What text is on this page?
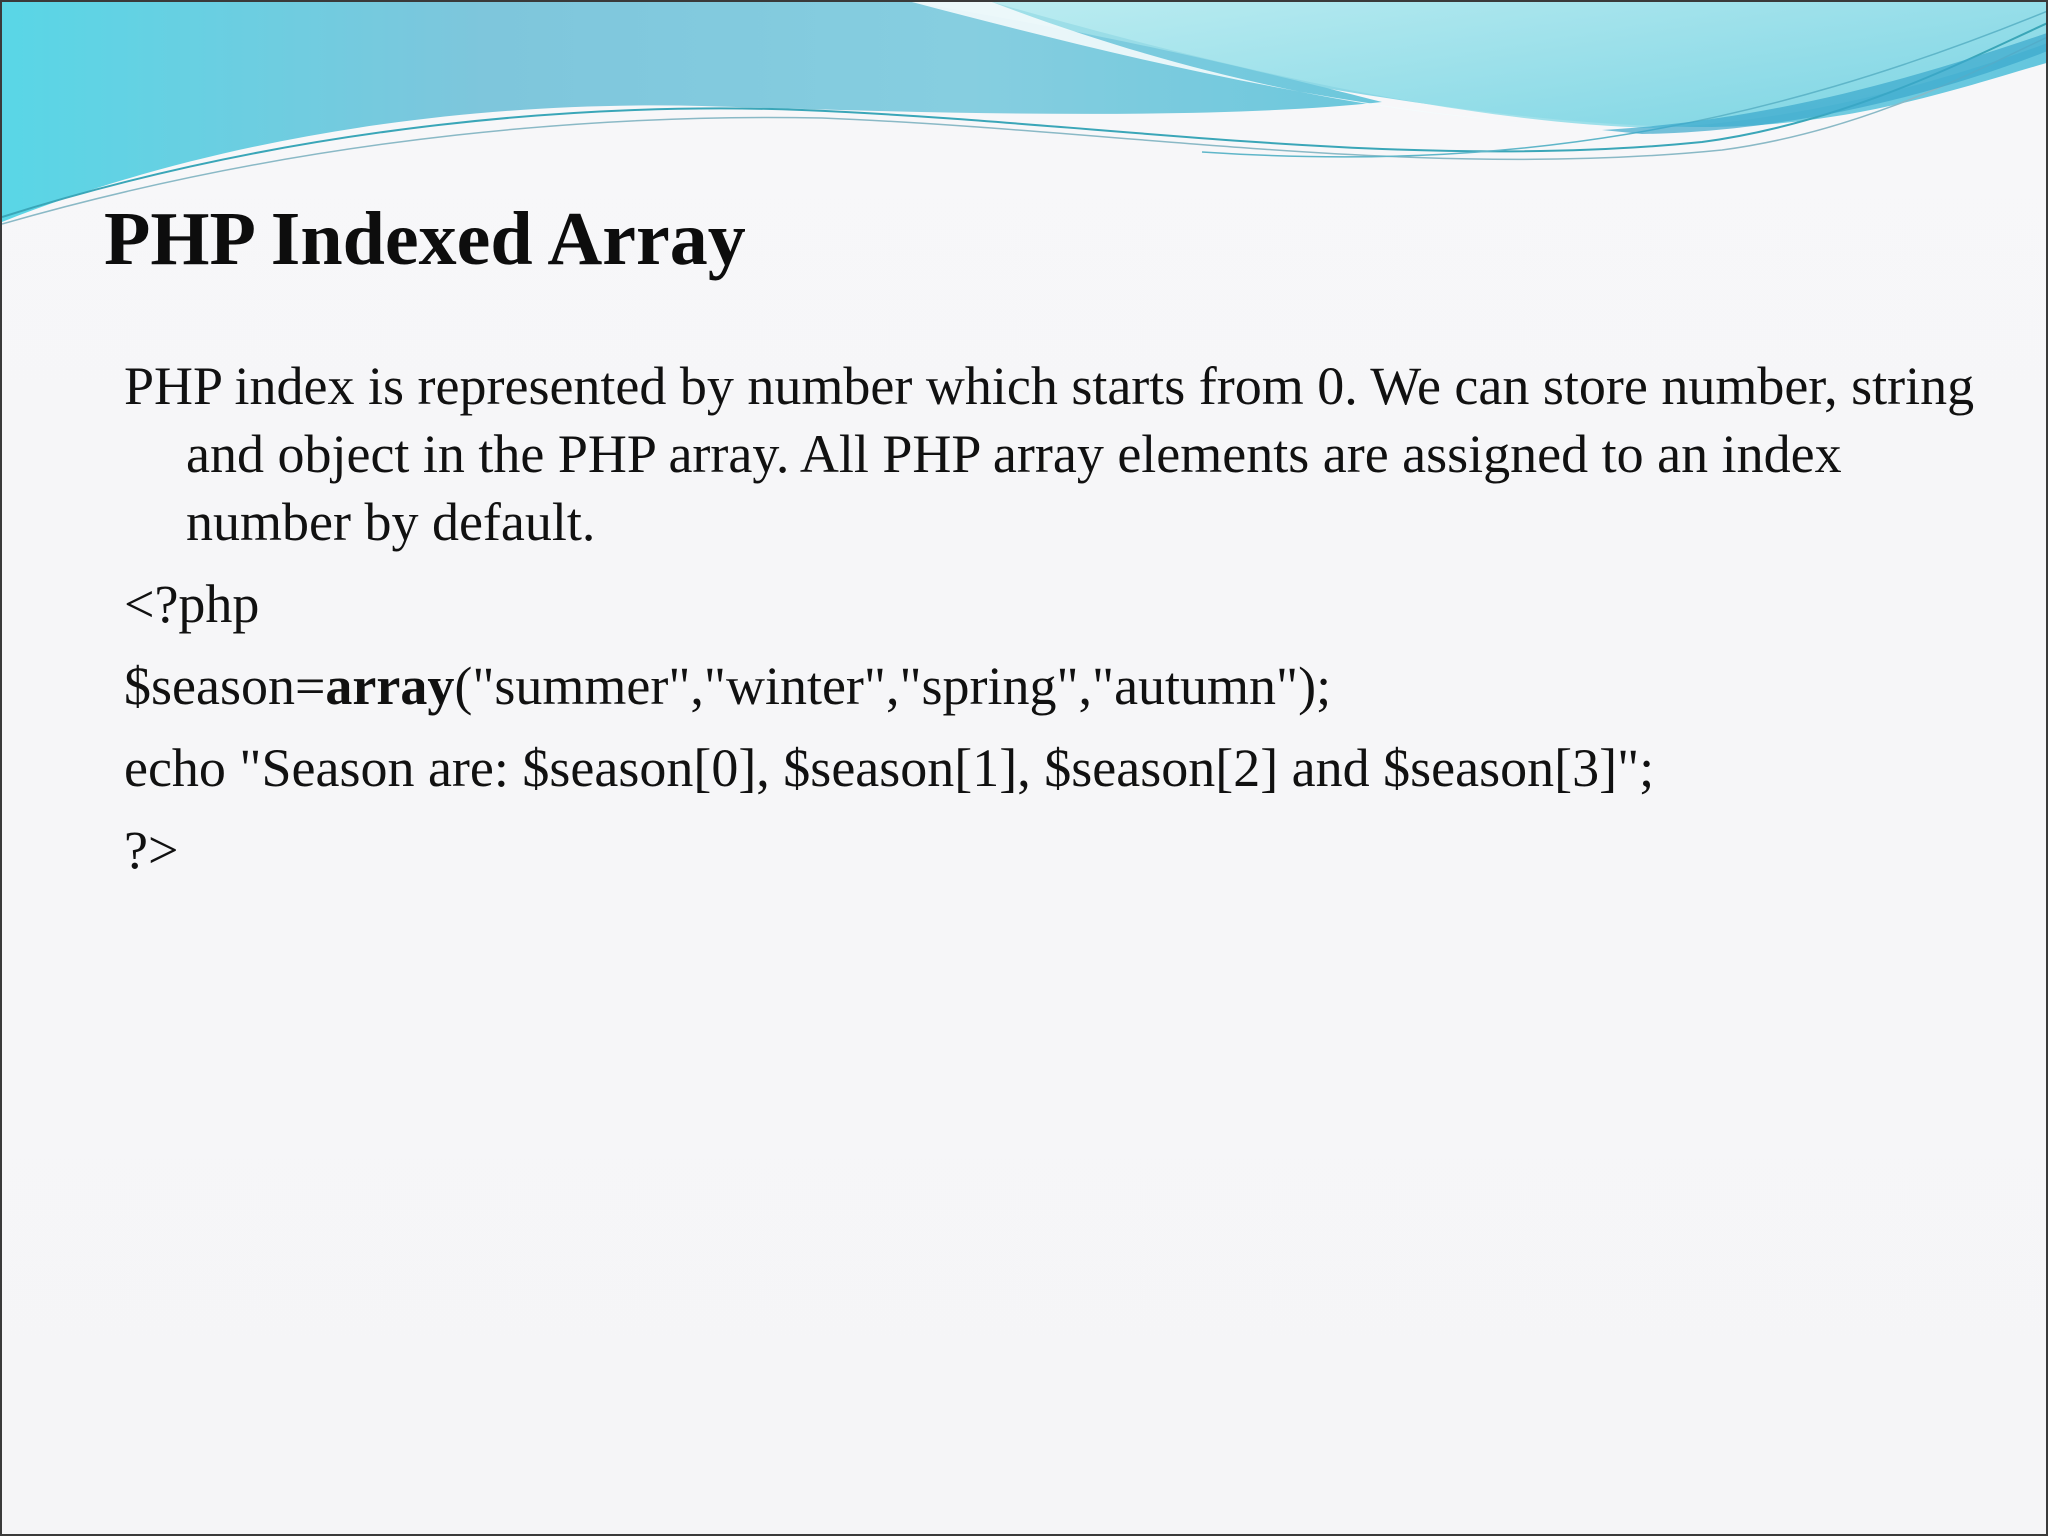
PHP Indexed Array

PHP index is represented by number which starts from 0. We can store number, string and object in the PHP array. All PHP array elements are assigned to an index number by default.

<?php

$season=array("summer","winter","spring","autumn");

echo "Season are: $season[0], $season[1], $season[2] and $season[3]";

?>
